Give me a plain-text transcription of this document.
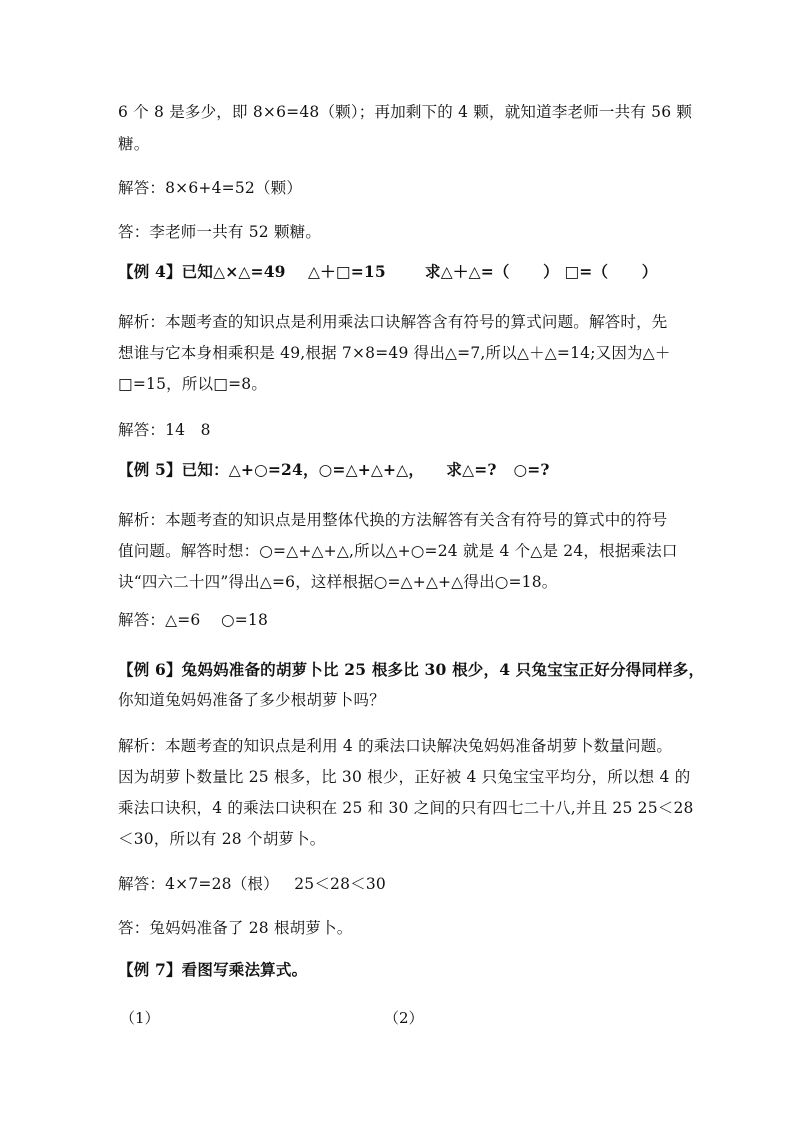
6 个 8 是多少，即 8×6=48（颗）；再加剩下的 4 颗，就知道李老师一共有 56 颗
糖。
解答：8×6+4=52（颗）
答：李老师一共有 52 颗糖。
【例 4】已知△×△=49    △＋□=15       求△＋△=（      ） □=（      ）
解析：本题考查的知识点是利用乘法口诀解答含有符号的算式问题。解答时，先
想谁与它本身相乘积是 49,根据 7×8=49 得出△=7,所以△＋△=14;又因为△＋
□=15，所以□=8。
解答：14   8
【例 5】已知：△+○=24，○=△+△+△，    求△=?   ○=?
解析：本题考查的知识点是用整体代换的方法解答有关含有符号的算式中的符号
值问题。解答时想：○=△+△+△,所以△+○=24 就是 4 个△是 24，根据乘法口
诀“四六二十四”得出△=6，这样根据○=△+△+△得出○=18。
解答：△=6    ○=18
【例 6】兔妈妈准备的胡萝卜比 25 根多比 30 根少，4 只兔宝宝正好分得同样多，
你知道兔妈妈准备了多少根胡萝卜吗？
解析：本题考查的知识点是利用 4 的乘法口诀解决兔妈妈准备胡萝卜数量问题。
因为胡萝卜数量比 25 根多，比 30 根少，正好被 4 只兔宝宝平均分，所以想 4 的
乘法口诀积，4 的乘法口诀积在 25 和 30 之间的只有四七二十八,并且 25 25＜28
＜30，所以有 28 个胡萝卜。
解答：4×7=28（根）   25＜28＜30
答：兔妈妈准备了 28 根胡萝卜。
【例 7】看图写乘法算式。
（1）	（2）
